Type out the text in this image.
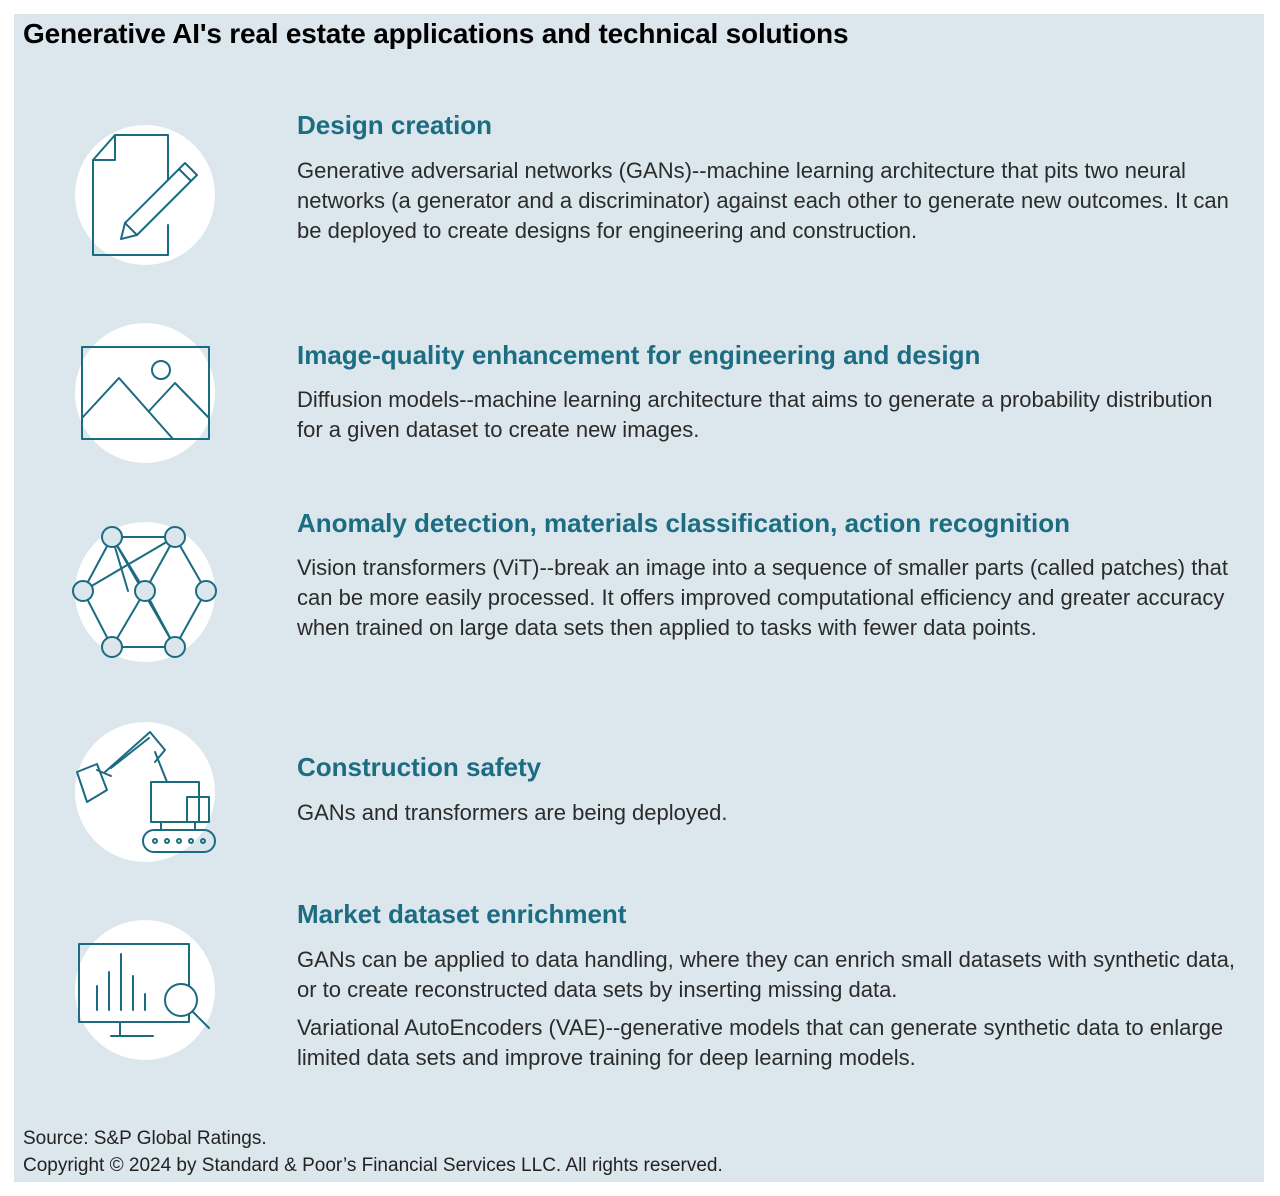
Generative AI's real estate applications and technical solutions
Design creation

Generative adversarial networks (GANs)--machine learning architecture that pits two neural networks (a generator and a discriminator) against each other to generate new outcomes. It can be deployed to create designs for engineering and construction.

Image-quality enhancement for engineering and design

Diffusion models--machine learning architecture that aims to generate a probability distribution for a given dataset to create new images.

Anomaly detection, materials classification, action recognition

Vision transformers (ViT)--break an image into a sequence of smaller parts (called patches) that can be more easily processed. It offers improved computational efficiency and greater accuracy when trained on large data sets then applied to tasks with fewer data points.

Construction safety

GANs and transformers are being deployed.

Market dataset enrichment

GANs can be applied to data handling, where they can enrich small datasets with synthetic data, or to create reconstructed data sets by inserting missing data.

Variational AutoEncoders (VAE)--generative models that can generate synthetic data to enlarge limited data sets and improve training for deep learning models.

Source: S&P Global Ratings.
Copyright © 2024 by Standard & Poor’s Financial Services LLC. All rights reserved.
